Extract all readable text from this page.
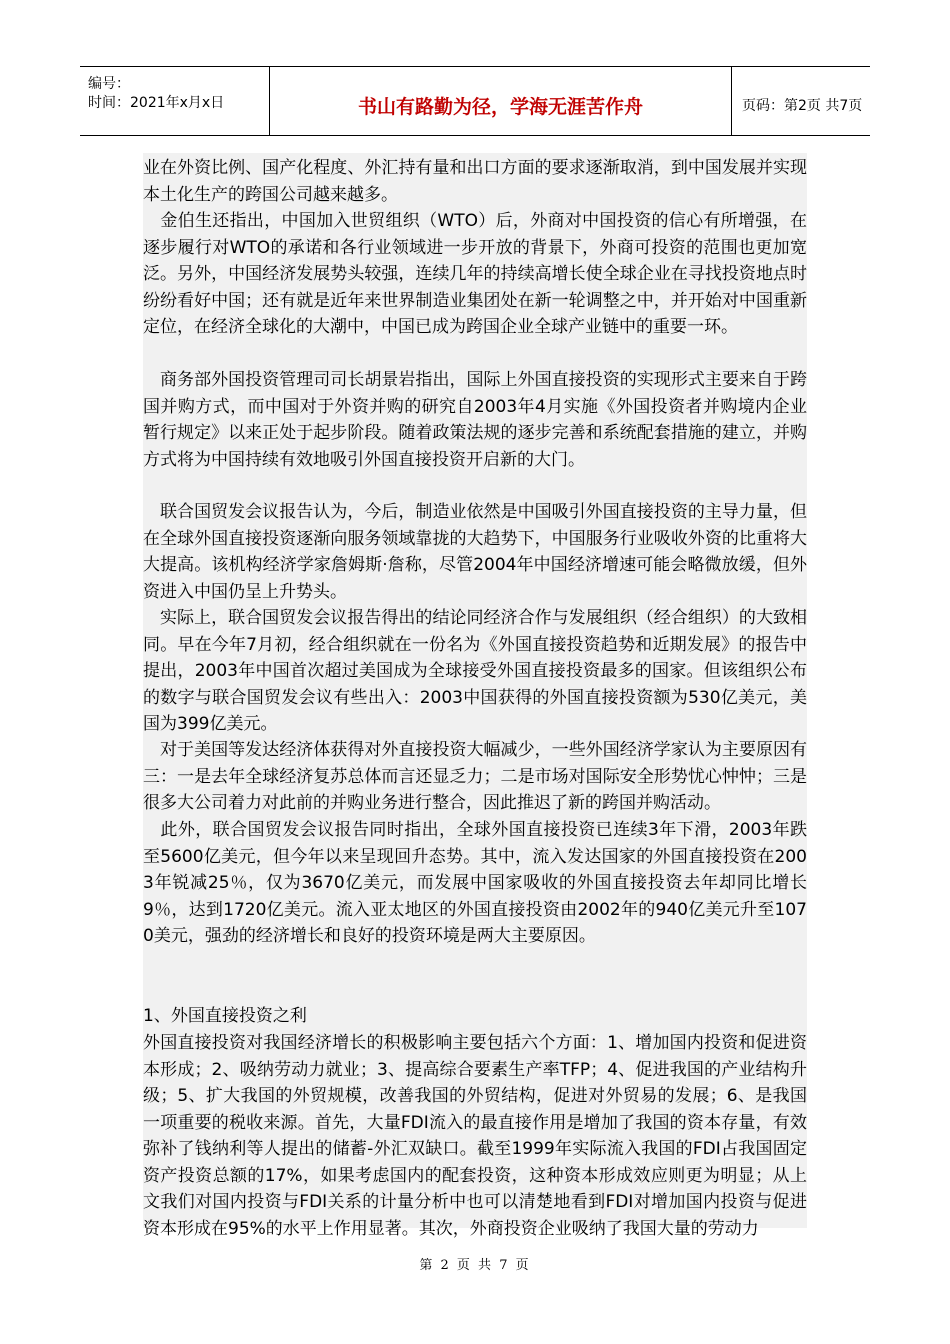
编号：
时间：2021年x月x日	书山有路勤为径，学海无涯苦作舟	页码：第2页 共7页

业在外资比例、国产化程度、外汇持有量和出口方面的要求逐渐取消，到中国发展并实现本土化生产的跨国公司越来越多。

　金伯生还指出，中国加入世贸组织（WTO）后，外商对中国投资的信心有所增强，在逐步履行对WTO的承诺和各行业领域进一步开放的背景下，外商可投资的范围也更加宽泛。另外，中国经济发展势头较强，连续几年的持续高增长使全球企业在寻找投资地点时纷纷看好中国；还有就是近年来世界制造业集团处在新一轮调整之中，并开始对中国重新定位，在经济全球化的大潮中，中国已成为跨国企业全球产业链中的重要一环。

　商务部外国投资管理司司长胡景岩指出，国际上外国直接投资的实现形式主要来自于跨国并购方式，而中国对于外资并购的研究自2003年4月实施《外国投资者并购境内企业暂行规定》以来正处于起步阶段。随着政策法规的逐步完善和系统配套措施的建立，并购方式将为中国持续有效地吸引外国直接投资开启新的大门。

　联合国贸发会议报告认为，今后，制造业依然是中国吸引外国直接投资的主导力量，但在全球外国直接投资逐渐向服务领域靠拢的大趋势下，中国服务行业吸收外资的比重将大大提高。该机构经济学家詹姆斯·詹称，尽管2004年中国经济增速可能会略微放缓，但外资进入中国仍呈上升势头。

　实际上，联合国贸发会议报告得出的结论同经济合作与发展组织（经合组织）的大致相同。早在今年7月初，经合组织就在一份名为《外国直接投资趋势和近期发展》的报告中提出，2003年中国首次超过美国成为全球接受外国直接投资最多的国家。但该组织公布的数字与联合国贸发会议有些出入：2003中国获得的外国直接投资额为530亿美元，美国为399亿美元。

　对于美国等发达经济体获得对外直接投资大幅减少，一些外国经济学家认为主要原因有三：一是去年全球经济复苏总体而言还显乏力；二是市场对国际安全形势忧心忡忡；三是很多大公司着力对此前的并购业务进行整合，因此推迟了新的跨国并购活动。

　此外，联合国贸发会议报告同时指出，全球外国直接投资已连续3年下滑，2003年跌至5600亿美元，但今年以来呈现回升态势。其中，流入发达国家的外国直接投资在2003年锐减25％，仅为3670亿美元，而发展中国家吸收的外国直接投资去年却同比增长9％，达到1720亿美元。流入亚太地区的外国直接投资由2002年的940亿美元升至1070美元，强劲的经济增长和良好的投资环境是两大主要原因。

1、外国直接投资之利

外国直接投资对我国经济增长的积极影响主要包括六个方面：1、增加国内投资和促进资本形成；2、吸纳劳动力就业；3、提高综合要素生产率TFP；4、促进我国的产业结构升级；5、扩大我国的外贸规模，改善我国的外贸结构，促进对外贸易的发展；6、是我国一项重要的税收来源。首先，大量FDI流入的最直接作用是增加了我国的资本存量，有效弥补了钱纳利等人提出的储蓄-外汇双缺口。截至1999年实际流入我国的FDI占我国固定资产投资总额的17%，如果考虑国内的配套投资，这种资本形成效应则更为明显；从上文我们对国内投资与FDI关系的计量分析中也可以清楚地看到FDI对增加国内投资与促进资本形成在95%的水平上作用显著。其次，外商投资企业吸纳了我国大量的劳动力

第 2 页 共 7 页
